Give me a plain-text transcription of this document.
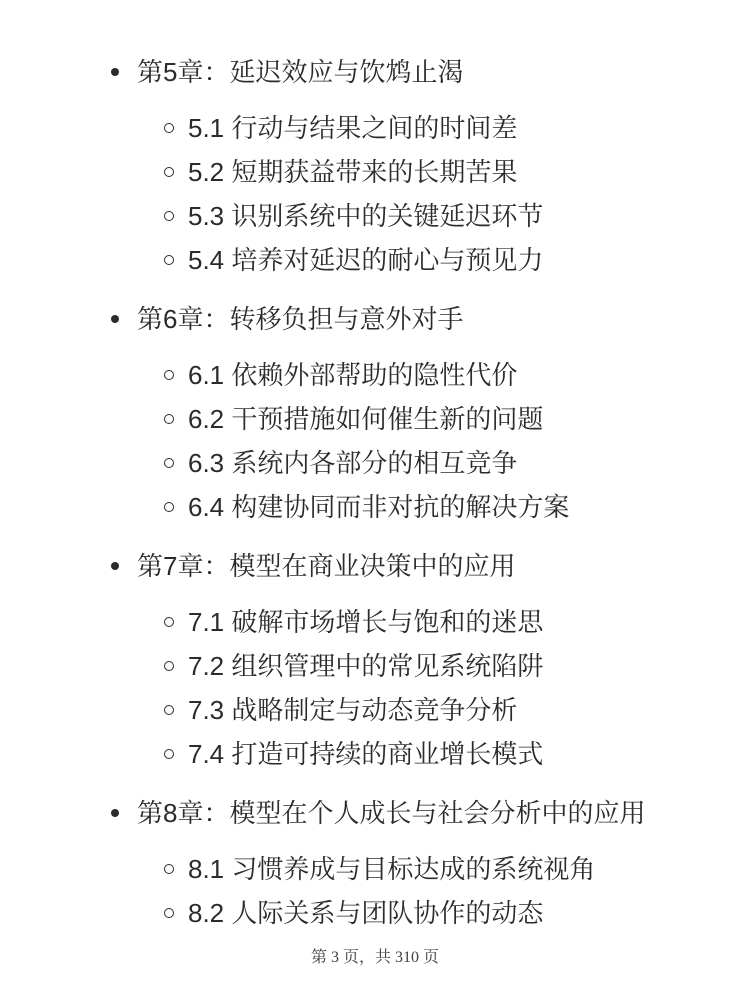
第5章：延迟效应与饮鸩止渴
5.1 行动与结果之间的时间差
5.2 短期获益带来的长期苦果
5.3 识别系统中的关键延迟环节
5.4 培养对延迟的耐心与预见力
第6章：转移负担与意外对手
6.1 依赖外部帮助的隐性代价
6.2 干预措施如何催生新的问题
6.3 系统内各部分的相互竞争
6.4 构建协同而非对抗的解决方案
第7章：模型在商业决策中的应用
7.1 破解市场增长与饱和的迷思
7.2 组织管理中的常见系统陷阱
7.3 战略制定与动态竞争分析
7.4 打造可持续的商业增长模式
第8章：模型在个人成长与社会分析中的应用
8.1 习惯养成与目标达成的系统视角
8.2 人际关系与团队协作的动态
第 3 页，共 310 页
